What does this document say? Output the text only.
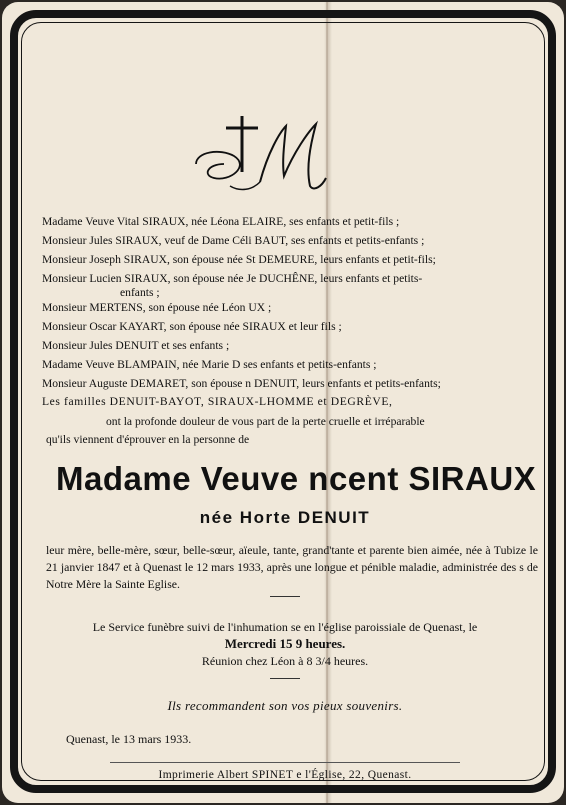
Madame Veuve Vital SIRAUX, née Léona ELAIRE, ses enfants et petit-fils ;
Monsieur Jules SIRAUX, veuf de Dame Céli BAUT, ses enfants et petits-enfants ;
Monsieur Joseph SIRAUX, son épouse née St DEMEURE, leurs enfants et petit-fils;
Monsieur Lucien SIRAUX, son épouse née Je DUCHÊNE, leurs enfants et petits-
enfants ;
Monsieur MERTENS, son épouse née Léon UX ;
Monsieur Oscar KAYART, son épouse née SIRAUX et leur fils ;
Monsieur Jules DENUIT et ses enfants ;
Madame Veuve BLAMPAIN, née Marie D ses enfants et petits-enfants ;
Monsieur Auguste DEMARET, son épouse n DENUIT, leurs enfants et petits-enfants;
Les familles DENUIT-BAYOT, SIRAUX-LHOMME et DEGRÈVE,
ont la profonde douleur de vous part de la perte cruelle et irréparable
qu'ils viennent d'éprouver en la personne de
Madame Veuve ncent SIRAUX
née Horte DENUIT
leur mère, belle-mère, sœur, belle-sœur, aïeule, tante, grand'tante et parente bien aimée, née à Tubize le 21 janvier 1847 et à Quenast le 12 mars 1933, après une longue et pénible maladie, administrée des s de Notre Mère la Sainte Eglise.
Le Service funèbre suivi de l'inhumation se en l'église paroissiale de Quenast, le
Mercredi 15 9 heures.
Réunion chez Léon à 8 3/4 heures.
Ils recommandent son vos pieux souvenirs.
Quenast, le 13 mars 1933.
Imprimerie Albert SPINET e l'Église, 22, Quenast.
